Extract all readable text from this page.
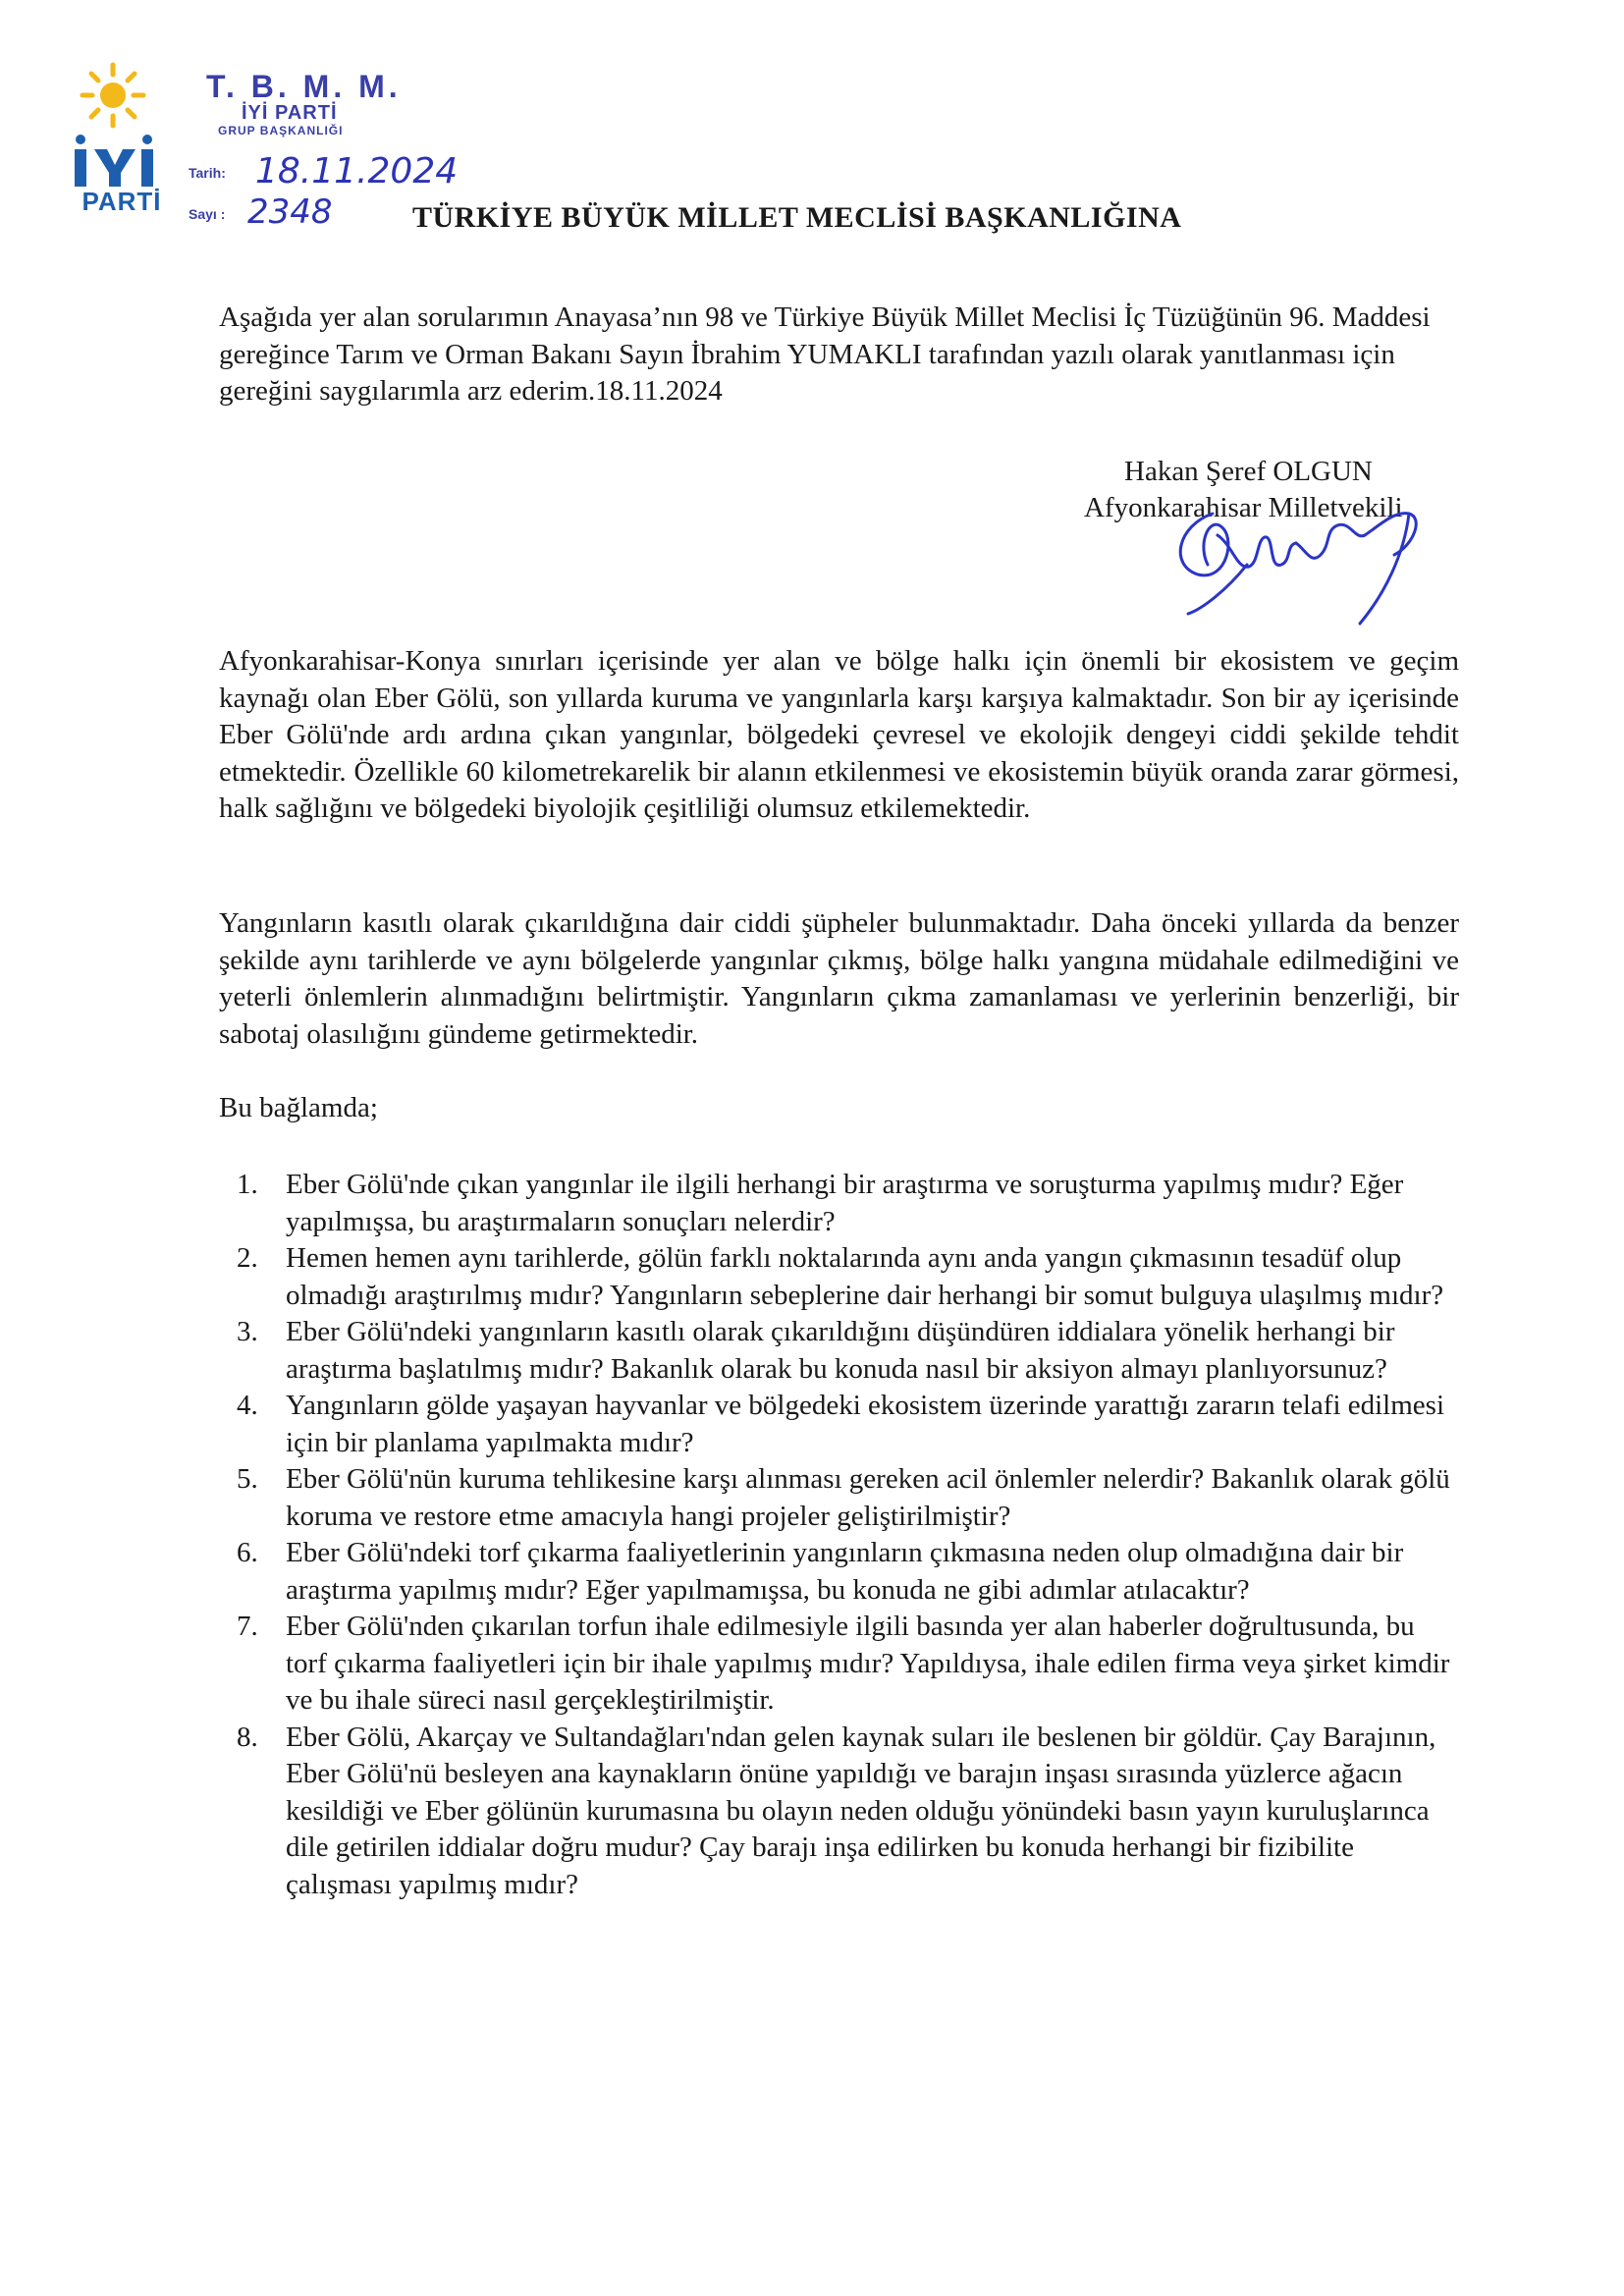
PARTİ
T. B. M. M.
İYİ PARTİ
GRUP BAŞKANLIĞI
Tarih: 18.11.2024
Sayı : 2348	TÜRKİYE BÜYÜK MİLLET MECLİSİ BAŞKANLIĞINA

Aşağıda yer alan sorularımın Anayasa’nın 98 ve Türkiye Büyük Millet Meclisi İç Tüzüğünün 96. Maddesi gereğince Tarım ve Orman Bakanı Sayın İbrahim YUMAKLI tarafından yazılı olarak yanıtlanması için gereğini saygılarımla arz ederim.18.11.2024

Hakan Şeref OLGUN
Afyonkarahisar Milletvekili

Afyonkarahisar-Konya sınırları içerisinde yer alan ve bölge halkı için önemli bir ekosistem ve geçim kaynağı olan Eber Gölü, son yıllarda kuruma ve yangınlarla karşı karşıya kalmaktadır. Son bir ay içerisinde Eber Gölü'nde ardı ardına çıkan yangınlar, bölgedeki çevresel ve ekolojik dengeyi ciddi şekilde tehdit etmektedir. Özellikle 60 kilometrekarelik bir alanın etkilenmesi ve ekosistemin büyük oranda zarar görmesi, halk sağlığını ve bölgedeki biyolojik çeşitliliği olumsuz etkilemektedir.

Yangınların kasıtlı olarak çıkarıldığına dair ciddi şüpheler bulunmaktadır. Daha önceki yıllarda da benzer şekilde aynı tarihlerde ve aynı bölgelerde yangınlar çıkmış, bölge halkı yangına müdahale edilmediğini ve yeterli önlemlerin alınmadığını belirtmiştir. Yangınların çıkma zamanlaması ve yerlerinin benzerliği, bir sabotaj olasılığını gündeme getirmektedir.

Bu bağlamda;

1. Eber Gölü'nde çıkan yangınlar ile ilgili herhangi bir araştırma ve soruşturma yapılmış mıdır? Eğer yapılmışsa, bu araştırmaların sonuçları nelerdir?
2. Hemen hemen aynı tarihlerde, gölün farklı noktalarında aynı anda yangın çıkmasının tesadüf olup olmadığı araştırılmış mıdır? Yangınların sebeplerine dair herhangi bir somut bulguya ulaşılmış mıdır?
3. Eber Gölü'ndeki yangınların kasıtlı olarak çıkarıldığını düşündüren iddialara yönelik herhangi bir araştırma başlatılmış mıdır? Bakanlık olarak bu konuda nasıl bir aksiyon almayı planlıyorsunuz?
4. Yangınların gölde yaşayan hayvanlar ve bölgedeki ekosistem üzerinde yarattığı zararın telafi edilmesi için bir planlama yapılmakta mıdır?
5. Eber Gölü'nün kuruma tehlikesine karşı alınması gereken acil önlemler nelerdir? Bakanlık olarak gölü koruma ve restore etme amacıyla hangi projeler geliştirilmiştir?
6. Eber Gölü'ndeki torf çıkarma faaliyetlerinin yangınların çıkmasına neden olup olmadığına dair bir araştırma yapılmış mıdır? Eğer yapılmamışsa, bu konuda ne gibi adımlar atılacaktır?
7. Eber Gölü'nden çıkarılan torfun ihale edilmesiyle ilgili basında yer alan haberler doğrultusunda, bu torf çıkarma faaliyetleri için bir ihale yapılmış mıdır? Yapıldıysa, ihale edilen firma veya şirket kimdir ve bu ihale süreci nasıl gerçekleştirilmiştir.
8. Eber Gölü, Akarçay ve Sultandağları'ndan gelen kaynak suları ile beslenen bir göldür. Çay Barajının, Eber Gölü'nü besleyen ana kaynakların önüne yapıldığı ve barajın inşası sırasında yüzlerce ağacın kesildiği ve Eber gölünün kurumasına bu olayın neden olduğu yönündeki basın yayın kuruluşlarınca dile getirilen iddialar doğru mudur? Çay barajı inşa edilirken bu konuda herhangi bir fizibilite çalışması yapılmış mıdır?
